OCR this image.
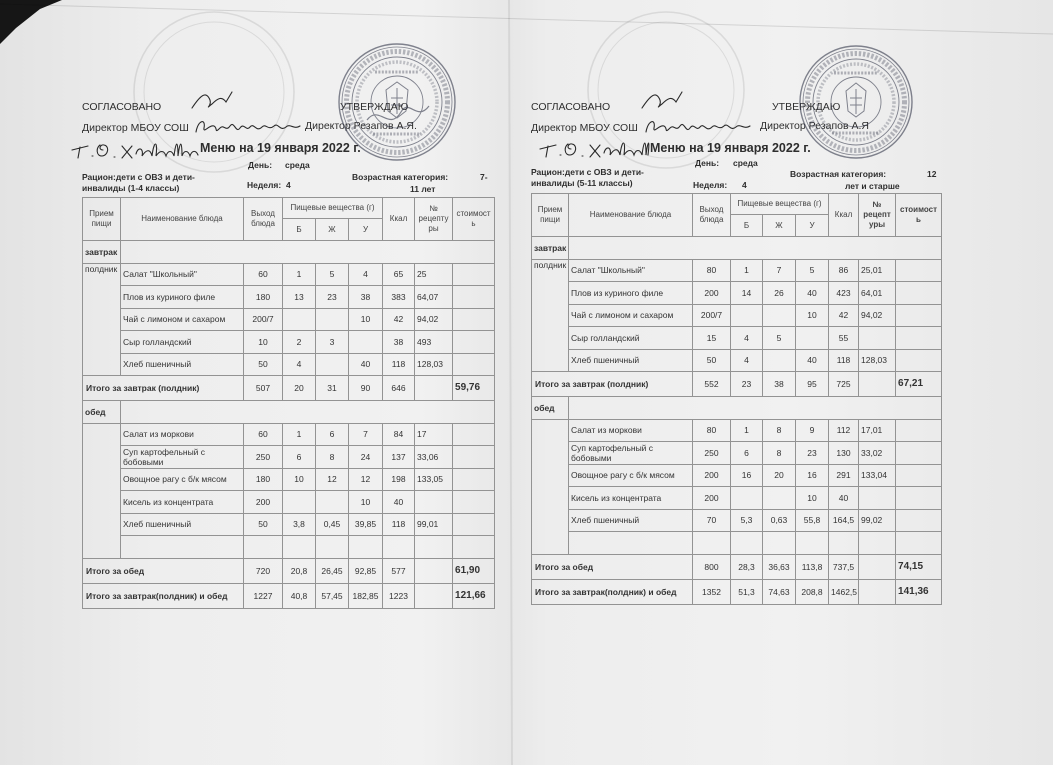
СОГЛАСОВАНО	УТВЕРЖДАЮ
Директор МБОУ СОШ	Директор Резапов А.Я.
Меню на 19 января 2022 г.
День: среда
Рацион:дети с ОВЗ и дети-инвалиды (1-4 классы)	Неделя: 4
Возрастная категория:	7-
11 лет
Прием пищи	Наименование блюда	Выход блюда	Пищевые вещества (г)			Ккал	№ рецептуры	стоимость
			Б	Ж	У			
завтрак								
полдник	Салат "Школьный"	60	1	5	4	65	25	
	Плов из куриного филе	180	13	23	38	383	64,07	
	Чай с лимоном и сахаром	200/7			10	42	94,02	
	Сыр голландский	10	2	3		38	493	
	Хлеб пшеничный	50	4		40	118	128,03	
Итого за завтрак (полдник)		507	20	31	90	646		59,76
обед								
	Салат из моркови	60	1	6	7	84	17	
	Суп картофельный с бобовыми	250	6	8	24	137	33,06	
	Овощное рагу с б/к мясом	180	10	12	12	198	133,05	
	Кисель из концентрата	200			10	40		
	Хлеб пшеничный	50	3,8	0,45	39,85	118	99,01	

Итого за обед		720	20,8	26,45	92,85	577		61,90
Итого за завтрак(полдник) и обед		1227	40,8	57,45	182,85	1223		121,66
СОГЛАСОВАНО	УТВЕРЖДАЮ
Директор МБОУ СОШ	Директор Резапов А.Я
Меню на 19 января 2022 г.
День: среда
Рацион:дети с ОВЗ и дети-инвалиды (5-11 классы)	Неделя: 4
Возрастная категория:	12
лет и старше
Прием пищи	Наименование блюда	Выход блюда	Пищевые вещества (г)			Ккал	№ рецептуры	стоимость
			Б	Ж	У			
завтрак								
полдник	Салат "Школьный"	80	1	7	5	86	25,01	
	Плов из куриного филе	200	14	26	40	423	64,01	
	Чай с лимоном и сахаром	200/7			10	42	94,02	
	Сыр голландский	15	4	5		55		
	Хлеб пшеничный	50	4		40	118	128,03	
Итого за завтрак (полдник)		552	23	38	95	725		67,21
обед								
	Салат из моркови	80	1	8	9	112	17,01	
	Суп картофельный с бобовыми	250	6	8	23	130	33,02	
	Овощное рагу с б/к мясом	200	16	20	16	291	133,04	
	Кисель из концентрата	200			10	40		
	Хлеб пшеничный	70	5,3	0,63	55,8	164,5	99,02	

Итого за обед		800	28,3	36,63	113,8	737,5		74,15
Итого за завтрак(полдник) и обед		1352	51,3	74,63	208,8	1462,5		141,36
